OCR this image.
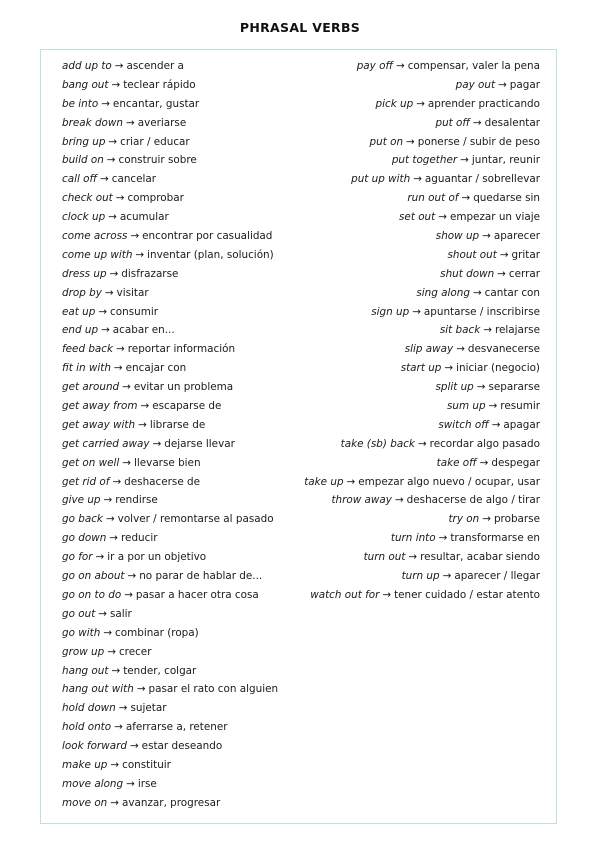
PHRASAL VERBS
add up to → ascender a
bang out → teclear rápido
be into → encantar, gustar
break down → averiarse
bring up → criar / educar
build on → construir sobre
call off → cancelar
check out → comprobar
clock up → acumular
come across → encontrar por casualidad
come up with → inventar (plan, solución)
dress up → disfrazarse
drop by → visitar
eat up → consumir
end up → acabar en...
feed back → reportar información
fit in with → encajar con
get around → evitar un problema
get away from → escaparse de
get away with → librarse de
get carried away → dejarse llevar
get on well → llevarse bien
get rid of → deshacerse de
give up → rendirse
go back → volver / remontarse al pasado
go down → reducir
go for → ir a por un objetivo
go on about → no parar de hablar de...
go on to do → pasar a hacer otra cosa
go out → salir
go with → combinar (ropa)
grow up → crecer
hang out → tender, colgar
hang out with → pasar el rato con alguien
hold down → sujetar
hold onto → aferrarse a, retener
look forward → estar deseando
make up → constituir
move along → irse
move on → avanzar, progresar
pay off → compensar, valer la pena
pay out → pagar
pick up → aprender practicando
put off → desalentar
put on → ponerse / subir de peso
put together → juntar, reunir
put up with → aguantar / sobrellevar
run out of → quedarse sin
set out → empezar un viaje
show up → aparecer
shout out → gritar
shut down → cerrar
sing along → cantar con
sign up → apuntarse / inscribirse
sit back → relajarse
slip away → desvanecerse
start up → iniciar (negocio)
split up → separarse
sum up → resumir
switch off → apagar
take (sb) back → recordar algo pasado
take off → despegar
take up → empezar algo nuevo / ocupar, usar
throw away → deshacerse de algo / tirar
try on → probarse
turn into → transformarse en
turn out → resultar, acabar siendo
turn up → aparecer / llegar
watch out for → tener cuidado / estar atento
